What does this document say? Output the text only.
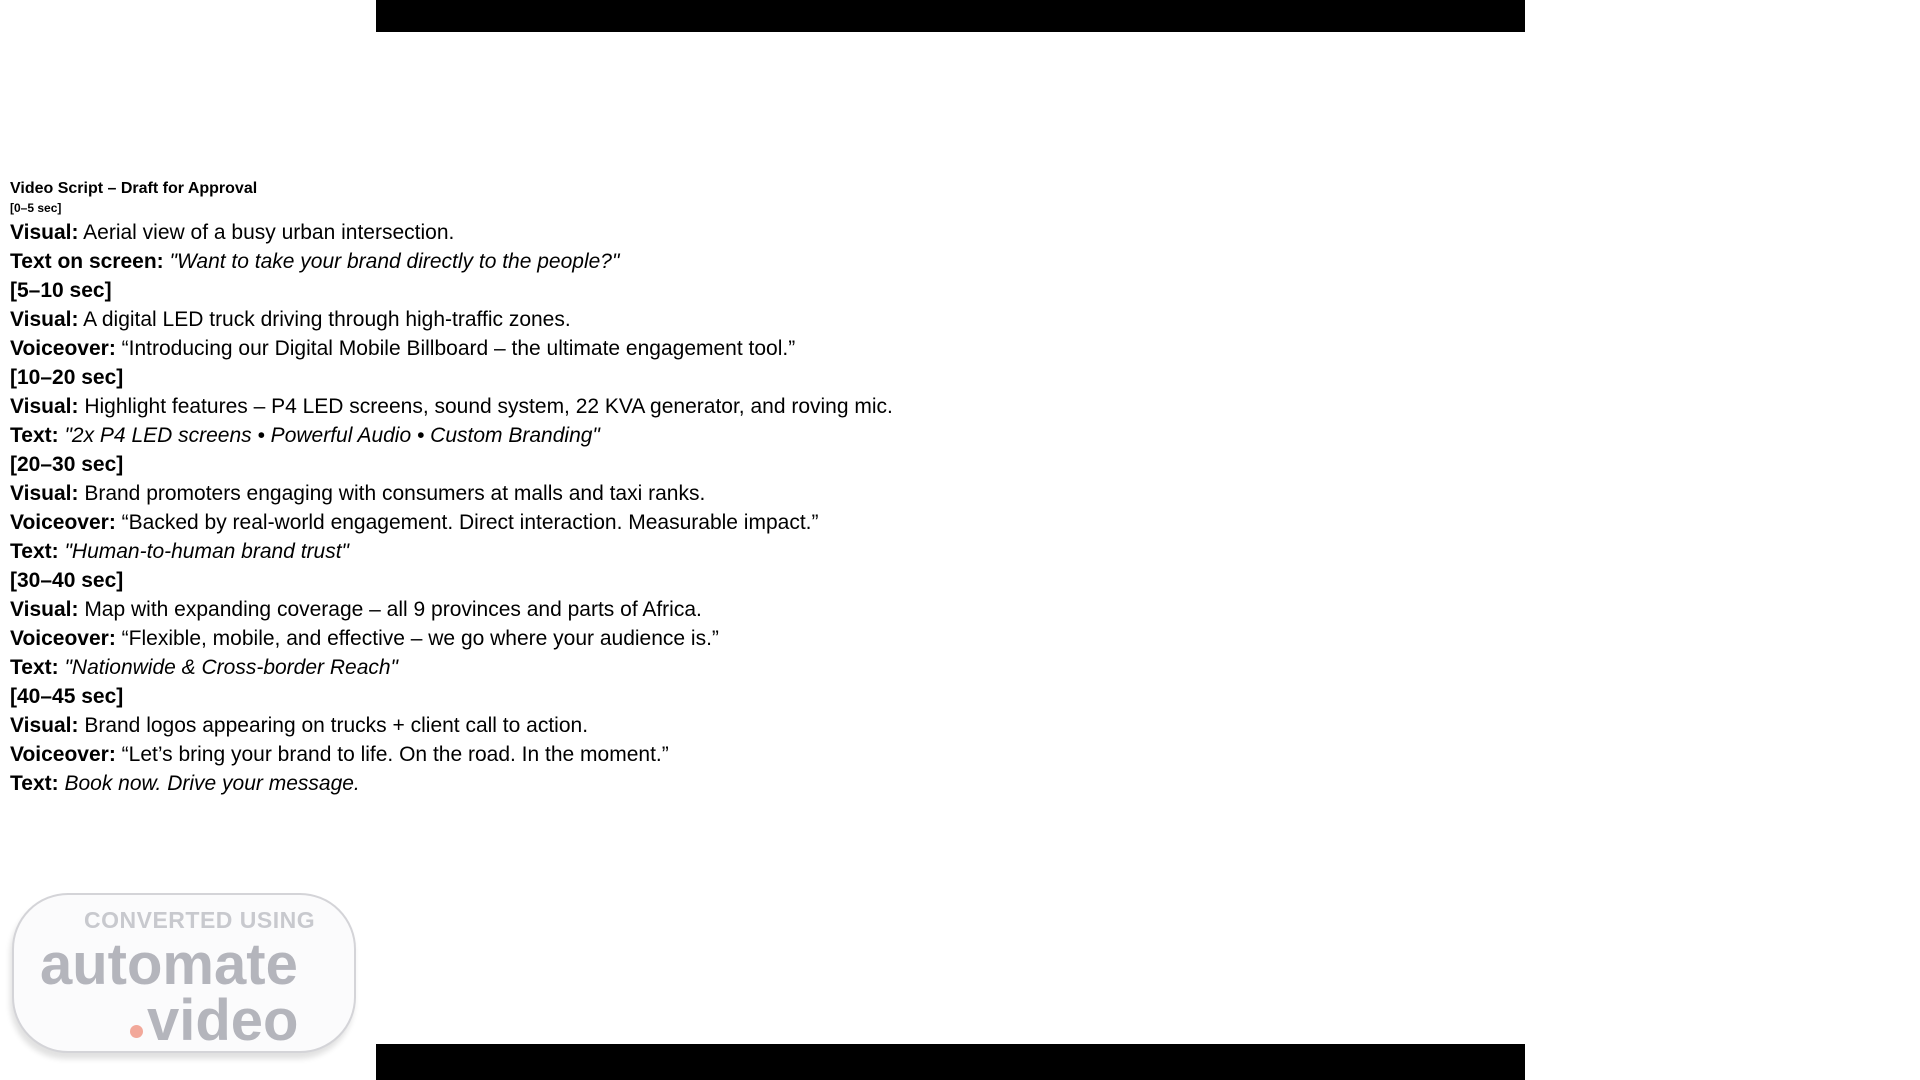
Video Script – Draft for Approval

[0–5 sec]

Visual: Aerial view of a busy urban intersection.

Text on screen: "Want to take your brand directly to the people?"

[5–10 sec]

Visual: A digital LED truck driving through high-traffic zones.

Voiceover: “Introducing our Digital Mobile Billboard – the ultimate engagement tool.”

[10–20 sec]

Visual: Highlight features – P4 LED screens, sound system, 22 KVA generator, and roving mic.

Text: "2x P4 LED screens • Powerful Audio • Custom Branding"

[20–30 sec]

Visual: Brand promoters engaging with consumers at malls and taxi ranks.

Voiceover: “Backed by real-world engagement. Direct interaction. Measurable impact.”

Text: "Human-to-human brand trust"

[30–40 sec]

Visual: Map with expanding coverage – all 9 provinces and parts of Africa.

Voiceover: “Flexible, mobile, and effective – we go where your audience is.”

Text: "Nationwide & Cross-border Reach"

[40–45 sec]

Visual: Brand logos appearing on trucks + client call to action.

Voiceover: “Let’s bring your brand to life. On the road. In the moment.”

Text: Book now. Drive your message.

CONVERTED USING
automate
video
